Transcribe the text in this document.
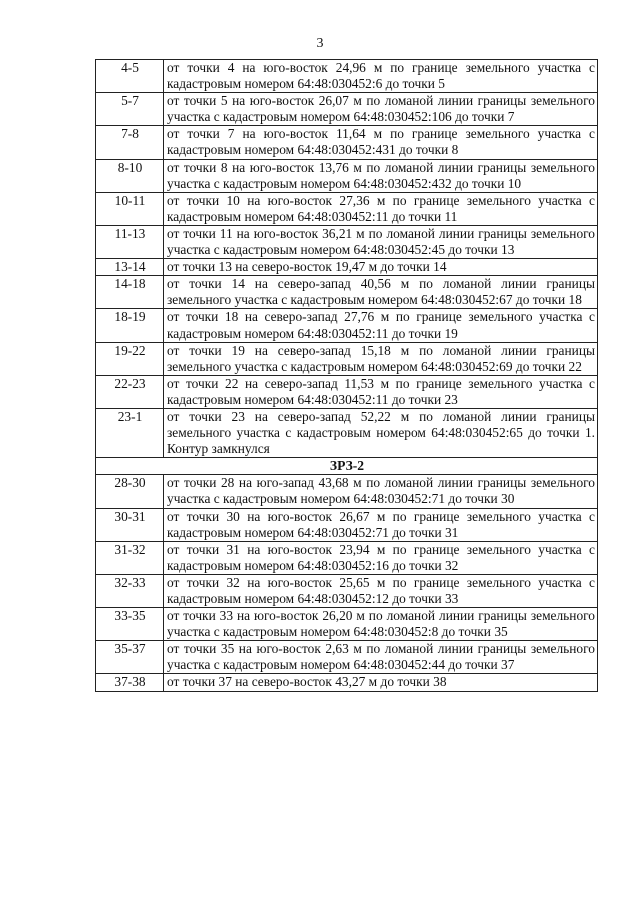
3
4-5	от точки 4 на юго-восток 24,96 м по границе земельного участка с кадастровым номером 64:48:030452:6 до точки 5
5-7	от точки 5 на юго-восток 26,07 м по ломаной линии границы земельного участка с кадастровым номером 64:48:030452:106 до точки 7
7-8	от точки 7 на юго-восток 11,64 м по границе земельного участка с кадастровым номером 64:48:030452:431 до точки 8
8-10	от точки 8 на юго-восток 13,76 м по ломаной линии границы земельного участка с кадастровым номером 64:48:030452:432 до точки 10
10-11	от точки 10 на юго-восток 27,36 м по границе земельного участка с кадастровым номером 64:48:030452:11 до точки 11
11-13	от точки 11 на юго-восток 36,21 м по ломаной линии границы земельного участка с кадастровым номером 64:48:030452:45 до точки 13
13-14	от точки 13 на северо-восток 19,47 м до точки 14
14-18	от точки 14 на северо-запад 40,56 м по ломаной линии границы земельного участка с кадастровым номером 64:48:030452:67 до точки 18
18-19	от точки 18 на северо-запад 27,76 м по границе земельного участка с кадастровым номером 64:48:030452:11 до точки 19
19-22	от точки 19 на северо-запад 15,18 м по ломаной линии границы земельного участка с кадастровым номером 64:48:030452:69 до точки 22
22-23	от точки 22 на северо-запад 11,53 м по границе земельного участка с кадастровым номером 64:48:030452:11 до точки 23
23-1	от точки 23 на северо-запад 52,22 м по ломаной линии границы земельного участка с кадастровым номером 64:48:030452:65 до точки 1. Контур замкнулся
ЗРЗ-2	
28-30	от точки 28 на юго-запад 43,68 м по ломаной линии границы земельного участка с кадастровым номером 64:48:030452:71 до точки 30
30-31	от точки 30 на юго-восток 26,67 м по границе земельного участка с кадастровым номером 64:48:030452:71 до точки 31
31-32	от точки 31 на юго-восток 23,94 м по границе земельного участка с кадастровым номером 64:48:030452:16 до точки 32
32-33	от точки 32 на юго-восток 25,65 м по границе земельного участка с кадастровым номером 64:48:030452:12 до точки 33
33-35	от точки 33 на юго-восток 26,20 м по ломаной линии границы земельного участка с кадастровым номером 64:48:030452:8 до точки 35
35-37	от точки 35 на юго-восток 2,63 м по ломаной линии границы земельного участка с кадастровым номером 64:48:030452:44 до точки 37
37-38	от точки 37 на северо-восток 43,27 м до точки 38
